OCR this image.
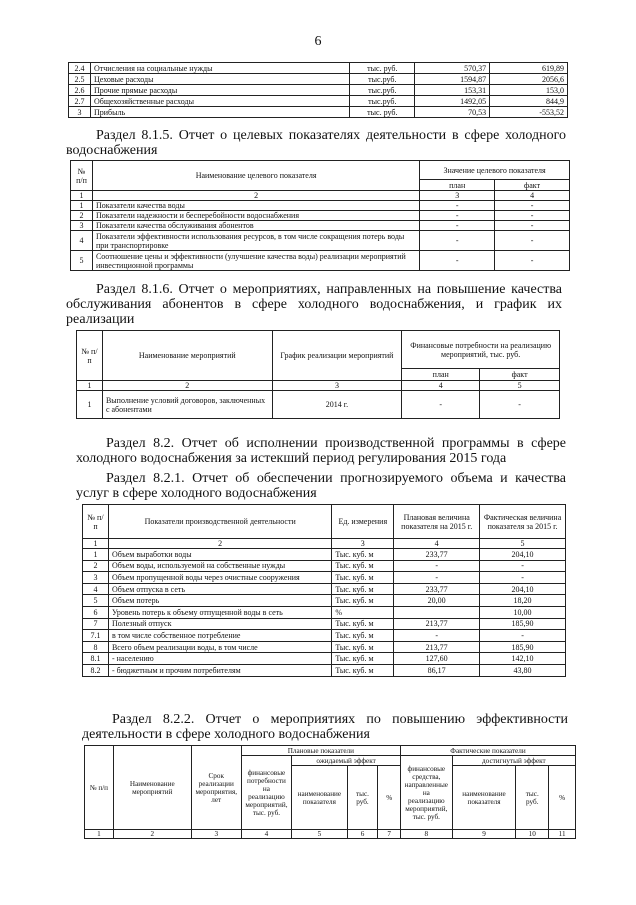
6
2.4	Отчисления на социальные нужды	тыс. руб.	570,37	619,89
2.5	Цеховые расходы	тыс.руб.	1594,87	2056,6
2.6	Прочие прямые расходы	тыс.руб.	153,31	153,0
2.7	Общехозяйственные расходы	тыс.руб.	1492,05	844,9
3	Прибыль	тыс. руб.	70,53	-553,52
Раздел 8.1.5. Отчет о целевых показателях деятельности в сфере холодного водоснабжения
№ п/п	Наименование целевого показателя	Значение целевого показателя	
		план	факт
1	2	3	4
1	Показатели качества воды	-	-
2	Показатели надежности и бесперебойности водоснабжения	-	-
3	Показатели качества обслуживания абонентов	-	-
4	Показатели эффективности использования ресурсов, в том числе сокращения потерь воды при транспортировке	-	-
5	Соотношение цены и эффективности (улучшение качества воды) реализации мероприятий инвестиционной программы	-	-
Раздел 8.1.6. Отчет о мероприятиях, направленных на повышение качества обслуживания абонентов в сфере холодного водоснабжения, и график их реализации
№ п/п	Наименование мероприятий	График реализации мероприятий	Финансовые потребности на реализацию мероприятий, тыс. руб.	
			план	факт
1	2	3	4	5
1	Выполнение условий договоров, заключенных с абонентами	2014 г.	-	-
Раздел 8.2. Отчет об исполнении производственной программы в сфере холодного водоснабжения за истекший период регулирования 2015 года
Раздел 8.2.1. Отчет об обеспечении прогнозируемого объема и качества услуг в сфере холодного водоснабжения
№ п/п	Показатели производственной деятельности	Ед. измерения	Плановая величина показателя на 2015 г.	Фактическая величина показателя за 2015 г.
1	2	3	4	5
1	Объем выработки воды	Тыс. куб. м	233,77	204,10
2	Объем воды, используемой на собственные нужды	Тыс. куб. м	-	-
3	Объем пропущенной воды через очистные сооружения	Тыс. куб. м	-	-
4	Объем отпуска в сеть	Тыс. куб. м	233,77	204,10
5	Объем потерь	Тыс. куб. м	20,00	18,20
6	Уровень потерь к объему отпущенной воды в сеть	%		10,00
7	Полезный отпуск	Тыс. куб. м	213,77	185,90
7.1	в том числе собственное потребление	Тыс. куб. м	-	-
8	Всего объем реализации воды, в том числе	Тыс. куб. м	213,77	185,90
8.1	- населению	Тыс. куб. м	127,60	142,10
8.2	- бюджетным и прочим потребителям	Тыс. куб. м	86,17	43,80
Раздел 8.2.2. Отчет о мероприятиях по повышению эффективности деятельности в сфере холодного водоснабжения
№ п/п	Наименование мероприятий	Срок реализации мероприятия, лет	Плановые показатели				Фактические показатели			
			финансовые потребности на реализацию мероприятий, тыс. руб.	ожидаемый эффект			финансовые средства, направленные на реализацию мероприятий, тыс. руб.	достигнутый эффект		
				наименование показателя	тыс. руб.	%		наименование показателя	тыс. руб.	%
1	2	3	4	5	6	7	8	9	10	11
